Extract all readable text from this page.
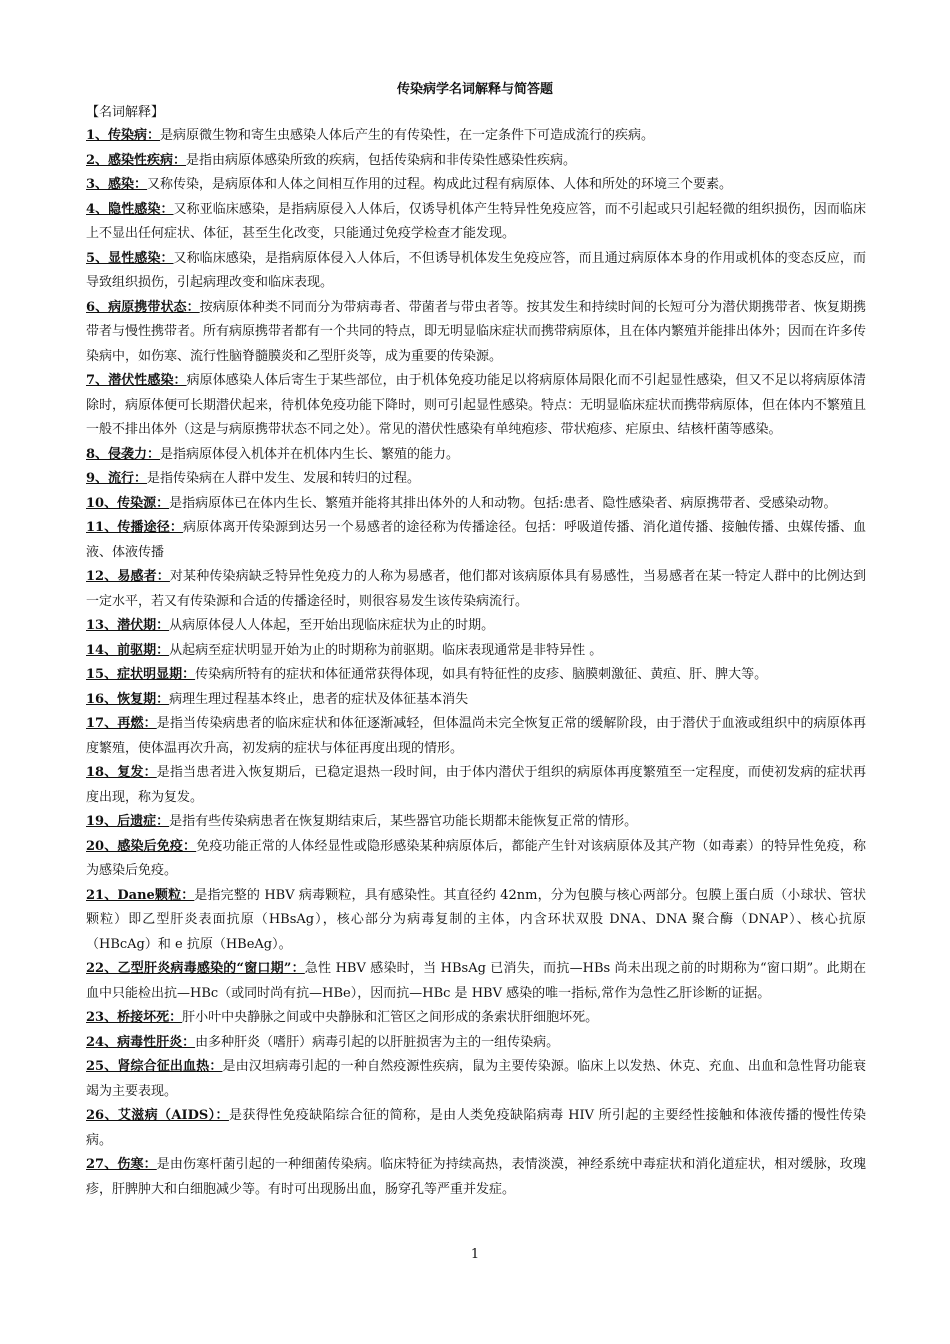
传染病学名词解释与简答题
【名词解释】

1、传染病：是病原微生物和寄生虫感染人体后产生的有传染性，在一定条件下可造成流行的疾病。

2、感染性疾病：是指由病原体感染所致的疾病，包括传染病和非传染性感染性疾病。

3、感染：又称传染，是病原体和人体之间相互作用的过程。构成此过程有病原体、人体和所处的环境三个要素。

4、隐性感染：又称亚临床感染，是指病原侵入人体后，仅诱导机体产生特异性免疫应答，而不引起或只引起轻微的组织损伤，因而临床上不显出任何症状、体征，甚至生化改变，只能通过免疫学检查才能发现。

5、显性感染：又称临床感染，是指病原体侵入人体后，不但诱导机体发生免疫应答，而且通过病原体本身的作用或机体的变态反应，而导致组织损伤，引起病理改变和临床表现。

6、病原携带状态：按病原体种类不同而分为带病毒者、带菌者与带虫者等。按其发生和持续时间的长短可分为潜伏期携带者、恢复期携带者与慢性携带者。所有病原携带者都有一个共同的特点，即无明显临床症状而携带病原体，且在体内繁殖并能排出体外；因而在许多传染病中，如伤寒、流行性脑脊髓膜炎和乙型肝炎等，成为重要的传染源。

7、潜伏性感染：病原体感染人体后寄生于某些部位，由于机体免疫功能足以将病原体局限化而不引起显性感染，但又不足以将病原体清除时，病原体便可长期潜伏起来，待机体免疫功能下降时，则可引起显性感染。特点：无明显临床症状而携带病原体，但在体内不繁殖且一般不排出体外（这是与病原携带状态不同之处）。常见的潜伏性感染有单纯疱疹、带状疱疹、疟原虫、结核杆菌等感染。

8、侵袭力：是指病原体侵入机体并在机体内生长、繁殖的能力。

9、流行：是指传染病在人群中发生、发展和转归的过程。

10、传染源：是指病原体已在体内生长、繁殖并能将其排出体外的人和动物。包括:患者、隐性感染者、病原携带者、受感染动物。

11、传播途径：病原体离开传染源到达另一个易感者的途径称为传播途径。包括：呼吸道传播、消化道传播、接触传播、虫媒传播、血液、体液传播

12、易感者：对某种传染病缺乏特异性免疫力的人称为易感者，他们都对该病原体具有易感性，当易感者在某一特定人群中的比例达到一定水平，若又有传染源和合适的传播途径时，则很容易发生该传染病流行。

13、潜伏期：从病原体侵人人体起，至开始出现临床症状为止的时期。

14、前驱期：从起病至症状明显开始为止的时期称为前驱期。临床表现通常是非特异性 。

15、症状明显期：传染病所特有的症状和体征通常获得体现，如具有特征性的皮疹、脑膜刺激征、黄疸、肝、脾大等。

16、恢复期：病理生理过程基本终止，患者的症状及体征基本消失

17、再燃：是指当传染病患者的临床症状和体征逐渐减轻，但体温尚未完全恢复正常的缓解阶段，由于潜伏于血液或组织中的病原体再度繁殖，使体温再次升高，初发病的症状与体征再度出现的情形。

18、复发：是指当患者进入恢复期后，已稳定退热一段时间，由于体内潜伏于组织的病原体再度繁殖至一定程度，而使初发病的症状再度出现，称为复发。

19、后遗症：是指有些传染病患者在恢复期结束后，某些器官功能长期都未能恢复正常的情形。

20、感染后免疫：免疫功能正常的人体经显性或隐形感染某种病原体后，都能产生针对该病原体及其产物（如毒素）的特异性免疫，称为感染后免疫。

21、Dane颗粒：是指完整的 HBV 病毒颗粒，具有感染性。其直径约 42nm，分为包膜与核心两部分。包膜上蛋白质（小球状、管状颗粒）即乙型肝炎表面抗原（HBsAg），核心部分为病毒复制的主体，内含环状双股 DNA、DNA 聚合酶（DNAP）、核心抗原（HBcAg）和 e 抗原（HBeAg）。

22、乙型肝炎病毒感染的“窗口期”：急性 HBV 感染时，当 HBsAg 已消失，而抗—HBs 尚未出现之前的时期称为“窗口期”。此期在血中只能检出抗—HBc（或同时尚有抗—HBe），因而抗—HBc 是 HBV 感染的唯一指标,常作为急性乙肝诊断的证据。

23、桥接坏死：肝小叶中央静脉之间或中央静脉和汇管区之间形成的条索状肝细胞坏死。

24、病毒性肝炎：由多种肝炎（嗜肝）病毒引起的以肝脏损害为主的一组传染病。

25、肾综合征出血热：是由汉坦病毒引起的一种自然疫源性疾病，鼠为主要传染源。临床上以发热、休克、充血、出血和急性肾功能衰竭为主要表现。

26、艾滋病（AIDS）：是获得性免疫缺陷综合征的简称，是由人类免疫缺陷病毒 HIV 所引起的主要经性接触和体液传播的慢性传染病。

27、伤寒：是由伤寒杆菌引起的一种细菌传染病。临床特征为持续高热，表情淡漠，神经系统中毒症状和消化道症状，相对缓脉，玫瑰疹，肝脾肿大和白细胞减少等。有时可出现肠出血，肠穿孔等严重并发症。

1
